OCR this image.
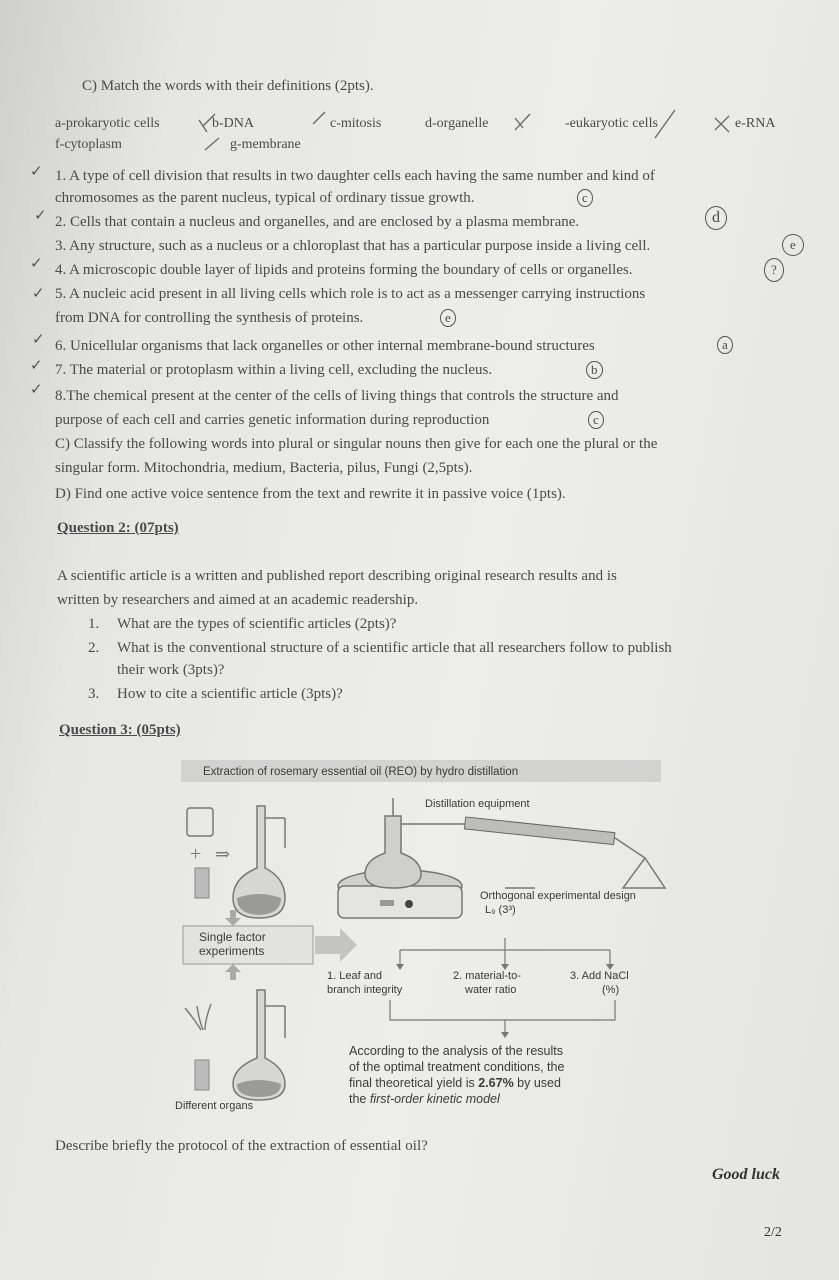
C) Match the words with their definitions (2pts).
a-prokaryotic cells	b-DNA	c-mitosis	d-organelle	-eukaryotic cells	e-RNA
f-cytoplasm	g-membrane
✓ 1. A type of cell division that results in two daughter cells each having the same number and kind of
chromosomes as the parent nucleus, typical of ordinary tissue growth.	c
✓ 2. Cells that contain a nucleus and organelles, and are enclosed by a plasma membrane.	d
3. Any structure, such as a nucleus or a chloroplast that has a particular purpose inside a living cell.	e
✓ 4. A microscopic double layer of lipids and proteins forming the boundary of cells or organelles.	?
✓ 5. A nucleic acid present in all living cells which role is to act as a messenger carrying instructions
from DNA for controlling the synthesis of proteins.	e
✓ 6. Unicellular organisms that lack organelles or other internal membrane-bound structures	a
✓ 7. The material or protoplasm within a living cell, excluding the nucleus.	b
✓ 8.The chemical present at the center of the cells of living things that controls the structure and
purpose of each cell and carries genetic information during reproduction	c
C) Classify the following words into plural or singular nouns then give for each one the plural or the
singular form. Mitochondria, medium, Bacteria, pilus, Fungi (2,5pts).
D) Find one active voice sentence from the text and rewrite it in passive voice (1pts).
Question 2: (07pts)
A scientific article is a written and published report describing original research results and is
written by researchers and aimed at an academic readership.
1. What are the types of scientific articles (2pts)?
2. What is the conventional structure of a scientific article that all researchers follow to publish
their work (3pts)?
3. How to cite a scientific article (3pts)?
Question 3: (05pts)
Extraction of rosemary essential oil (REO) by hydro distillation
Distillation equipment
+ ⇒
Single factor experiments
Orthogonal experimental design
L₉ (3³)
1. Leaf and
branch integrity
2. material-to-
water ratio
3. Add NaCl
(%)
According to the analysis of the results
of the optimal treatment conditions, the
final theoretical yield is 2.67% by used
the first-order kinetic model
Different organs
Describe briefly the protocol of the extraction of essential oil?
Good luck
2/2
